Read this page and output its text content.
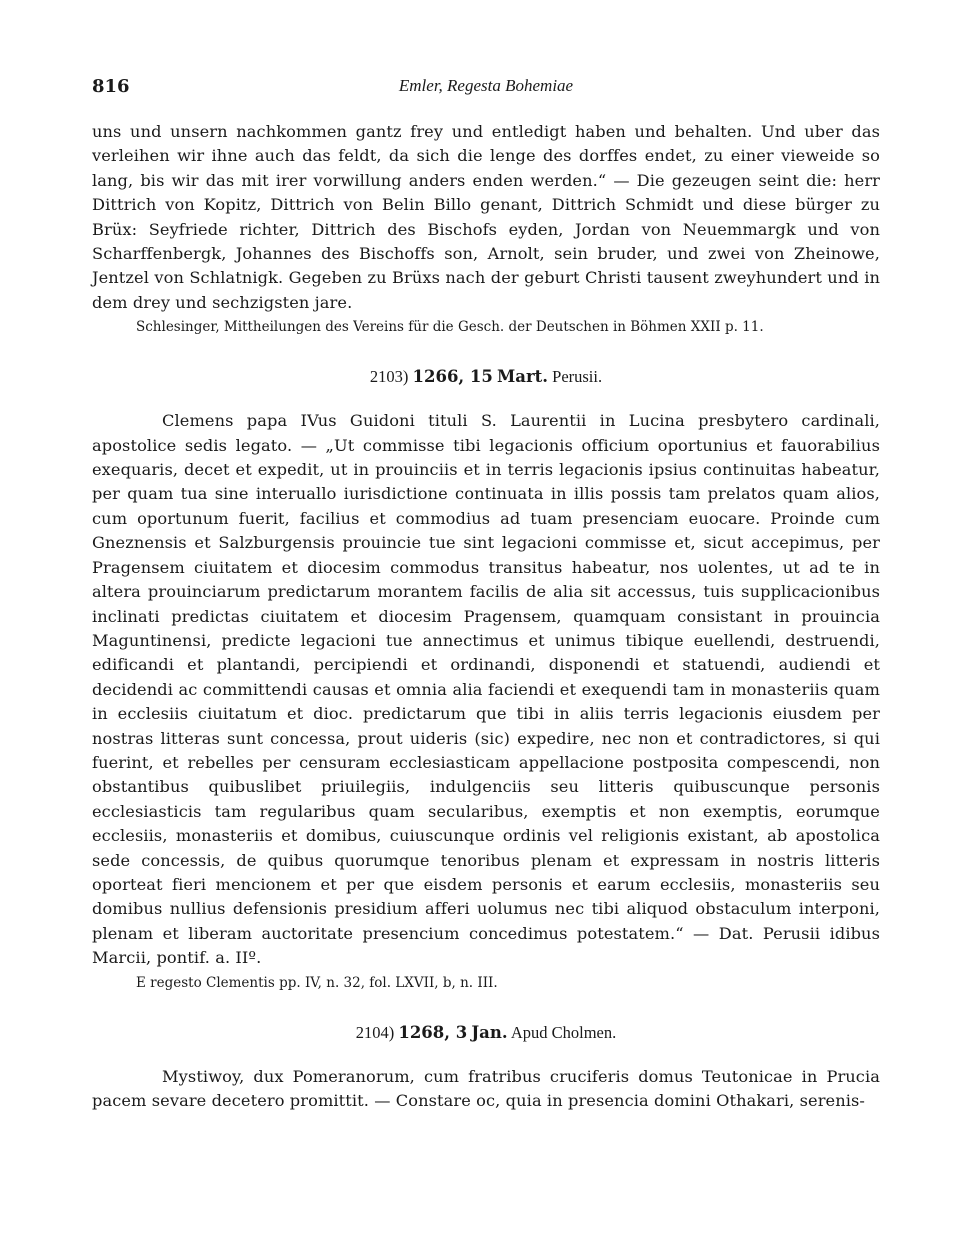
816	Emler, Regesta Bohemiae

uns und unsern nachkommen gantz frey und entledigt haben und behalten. Und uber das verleihen wir ihne auch das feldt, da sich die lenge des dorffes endet, zu einer vieweide so lang, bis wir das mit irer vorwillung anders enden werden.“ — Die gezeugen seint die: herr Dittrich von Kopitz, Dittrich von Belin Billo genant, Dittrich Schmidt und diese bürger zu Brüx: Seyfriede richter, Dittrich des Bischofs eyden, Jordan von Neuemmargk und von Scharffenbergk, Johannes des Bischoffs son, Arnolt, sein bruder, und zwei von Zheinowe, Jentzel von Schlatnigk. Gegeben zu Brüxs nach der geburt Christi tausent zweyhundert und in dem drey und sechzigsten jare.

Schlesinger, Mittheilungen des Vereins für die Gesch. der Deutschen in Böhmen XXII p. 11.

2103) 1266, 15 Mart. Perusii.

Clemens papa IVus Guidoni tituli S. Laurentii in Lucina presbytero cardinali, apostolice sedis legato. — „Ut commisse tibi legacionis officium oportunius et fauorabilius exequaris, decet et expedit, ut in prouinciis et in terris legacionis ipsius continuitas habeatur, per quam tua sine interuallo iurisdictione continuata in illis possis tam prelatos quam alios, cum oportunum fuerit, facilius et commodius ad tuam presenciam euocare. Proinde cum Gneznensis et Salzburgensis prouincie tue sint legacioni commisse et, sicut accepimus, per Pragensem ciuitatem et diocesim commodus transitus habeatur, nos uolentes, ut ad te in altera prouinciarum predictarum morantem facilis de alia sit accessus, tuis supplicacionibus inclinati predictas ciuitatem et diocesim Pragensem, quamquam consistant in prouincia Maguntinensi, predicte legacioni tue annectimus et unimus tibique euellendi, destruendi, edificandi et plantandi, percipiendi et ordinandi, disponendi et statuendi, audiendi et decidendi ac committendi causas et omnia alia faciendi et exequendi tam in monasteriis quam in ecclesiis ciuitatum et dioc. predictarum que tibi in aliis terris legacionis eiusdem per nostras litteras sunt concessa, prout uideris (sic) expedire, nec non et contradictores, si qui fuerint, et rebelles per censuram ecclesiasticam appellacione postposita compescendi, non obstantibus quibuslibet priuilegiis, indulgenciis seu litteris quibuscunque personis ecclesiasticis tam regularibus quam secularibus, exemptis et non exemptis, eorumque ecclesiis, monasteriis et domibus, cuiuscunque ordinis vel religionis existant, ab apostolica sede concessis, de quibus quorumque tenoribus plenam et expressam in nostris litteris oporteat fieri mencionem et per que eisdem personis et earum ecclesiis, monasteriis seu domibus nullius defensionis presidium afferi uolumus nec tibi aliquod obstaculum interponi, plenam et liberam auctoritate presencium concedimus potestatem.“ — Dat. Perusii idibus Marcii, pontif. a. IIº.

E regesto Clementis pp. IV, n. 32, fol. LXVII, b, n. III.

2104) 1268, 3 Jan. Apud Cholmen.

Mystiwoy, dux Pomeranorum, cum fratribus cruciferis domus Teutonicae in Prucia pacem sevare decetero promittit. — Constare oc, quia in presencia domini Othakari, serenis-
